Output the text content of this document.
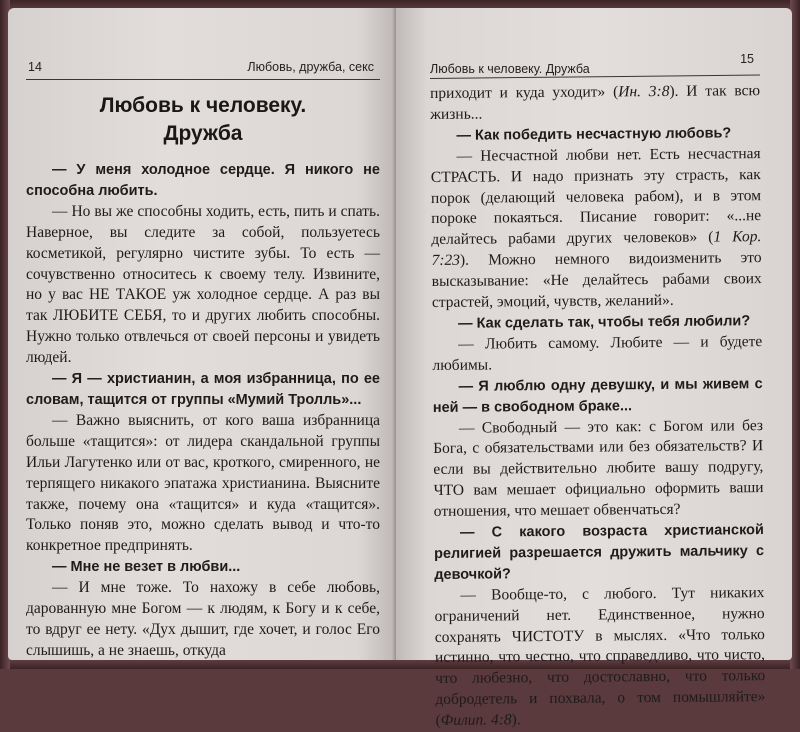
14	Любовь, дружба, секс
Любовь к человеку.
Дружба

— У меня холодное сердце. Я никого не способна любить.

— Но вы же способны ходить, есть, пить и спать. Наверное, вы следите за собой, пользуетесь косметикой, регулярно чистите зубы. То есть — сочувственно относитесь к своему телу. Извините, но у вас НЕ ТАКОЕ уж холодное сердце. А раз вы так ЛЮБИТЕ СЕБЯ, то и других любить способны. Нужно только отвлечься от своей персоны и увидеть людей.

— Я — христианин, а моя избранница, по ее словам, тащится от группы «Мумий Тролль»...

— Важно выяснить, от кого ваша избранница больше «тащится»: от лидера скандальной группы Ильи Лагутенко или от вас, кроткого, смиренного, не терпящего никакого эпатажа христианина. Выясните также, почему она «тащится» и куда «тащится». Только поняв это, можно сделать вывод и что-то конкретное предпринять.

— Мне не везет в любви...

— И мне тоже. То нахожу в себе любовь, дарованную мне Богом — к людям, к Богу и к себе, то вдруг ее нету. «Дух дышит, где хочет, и голос Его слышишь, а не знаешь, откуда

Любовь к человеку. Дружба
15

приходит и куда уходит» (Ин. 3:8). И так всю жизнь...

— Как победить несчастную любовь?

— Несчастной любви нет. Есть несчастная СТРАСТЬ. И надо признать эту страсть, как порок (делающий человека рабом), и в этом пороке покаяться. Писание говорит: «...не делайтесь рабами других человеков» (1 Кор. 7:23). Можно немного видоизменить это высказывание: «Не делайтесь рабами своих страстей, эмоций, чувств, желаний».

— Как сделать так, чтобы тебя любили?

— Любить самому. Любите — и будете любимы.

— Я люблю одну девушку, и мы живем с ней — в свободном браке...

— Свободный — это как: с Богом или без Бога, с обязательствами или без обязательств? И если вы действительно любите вашу подругу, ЧТО вам мешает официально оформить ваши отношения, что мешает обвенчаться?

— С какого возраста христианской религией разрешается дружить мальчику с девочкой?

— Вообще-то, с любого. Тут никаких ограничений нет. Единственное, нужно сохранять ЧИСТОТУ в мыслях. «Что только истинно, что честно, что справедливо, что чисто, что любезно, что достославно, что только добродетель и похвала, о том помышляйте» (Филип. 4:8).
